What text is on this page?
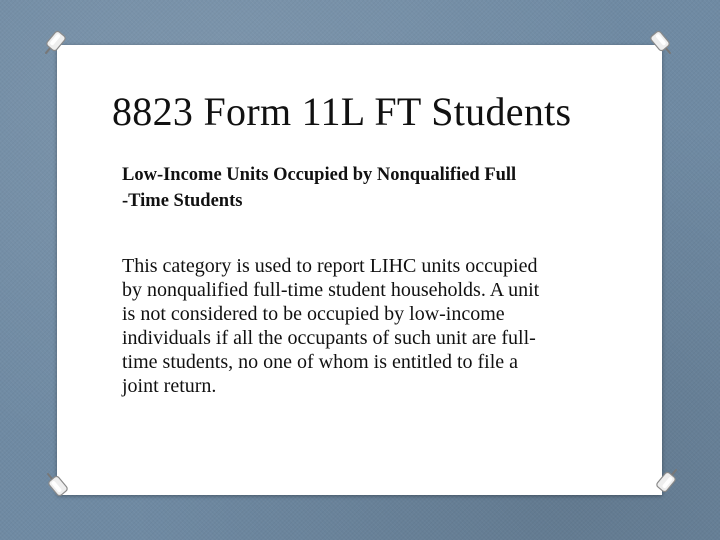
8823 Form 11L FT Students

Low-Income Units Occupied by Nonqualified Full
-Time Students

This category is used to report LIHC units occupied
by nonqualified full-time student households. A unit
is not considered to be occupied by low-income
individuals if all the occupants of such unit are full-
time students, no one of whom is entitled to file a
joint return.
